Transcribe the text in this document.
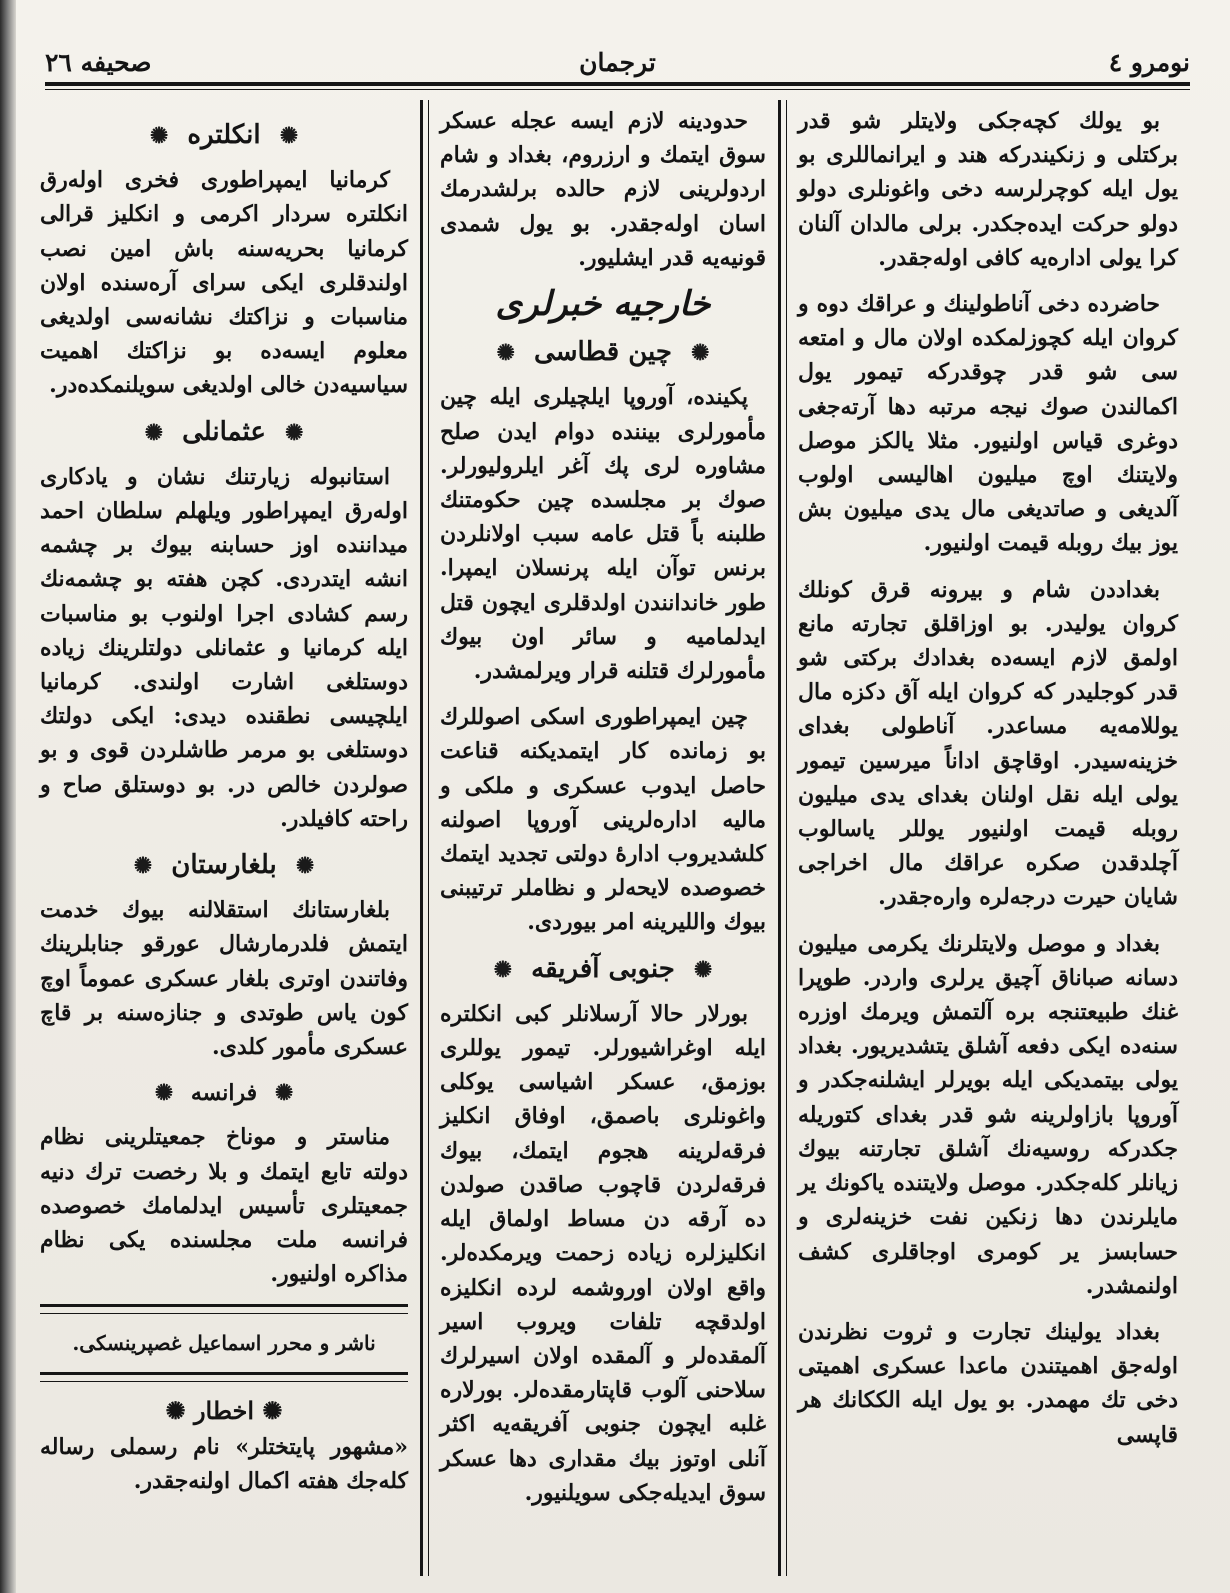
نومرو ٤
ترجمان
صحیفه ٢٦

بو یولك كچه‌جكی ولایتلر شو قدر بركتلی و زنكیندركه هند و ایرانماللری بو یول ایله كوچرلرسه دخی واغونلری دولو دولو حركت ایده‌جكدر. برلی مالدان آلنان كرا یولی اداره‌یه كافی اوله‌جقدر.

حاضرده دخی آناطولینك و عراقك دوه و كروان ایله كچوزلمكده اولان مال و امتعه سی شو قدر چوقدركه تیمور یول اكمالندن صوك نیجه مرتبه دها آرته‌جغی دوغری قیاس اولنیور. مثلا یالكز موصل ولایتنك اوچ میلیون اهالیسی اولوب آلدیغی و صاتدیغی مال یدی میلیون بش یوز بیك روبله قیمت اولنیور.

بغداددن شام و بیرونه قرق كونلك كروان یولیدر. بو اوزاقلق تجارته مانع اولمق لازم ایسه‌ده بغدادك بركتی شو قدر كوجلیدر كه كروان ایله آق دكزه مال یوللامه‌یه مساعدر. آناطولی بغدای خزینه‌سیدر. اوقاچق اداناً میرسین تیمور یولی ایله نقل اولنان بغدای یدی میلیون روبله قیمت اولنیور یوللر یاسالوب آچلدقدن صكره عراقك مال اخراجی شایان حیرت درجه‌لره واره‌جقدر.

بغداد و موصل ولایتلرنك یكرمی میلیون دسانه صباناق آچیق یرلری واردر. طوپرا غنك طبیعتنجه بره آلتمش ویرمك اوزره سنه‌ده ایكی دفعه آشلق یتشدیریور. بغداد یولی بیتمدیكی ایله بویرلر ایشلنه‌جكدر و آوروپا بازاولرینه شو قدر بغدای كتوریله جكدركه روسیه‌نك آشلق تجارتنه بیوك زیانلر كله‌جكدر. موصل ولایتنده یاكونك یر مایلرندن دها زنكین نفت خزینه‌لری و حسابسز یر كومری اوجاقلری كشف اولنمشدر.

بغداد یولینك تجارت و ثروت نظرندن اوله‌جق اهمیتندن ماعدا عسكری اهمیتی دخی تك مهمدر. بو یول ایله الككانك هر قاپسی

حدودینه لازم ایسه عجله عسكر سوق ایتمك و ارزروم، بغداد و شام اردولرینی لازم حالده برلشدرمك اسان اوله‌جقدر. بو یول شمدی قونیه‌یه قدر ایشلیور.

خارجیه خبرلری
✺ چین قطاسی ✺

پكینده، آوروپا ایلچیلری ایله چین مأمورلری بیننده دوام ایدن صلح مشاوره لری پك آغر ایلرولیورلر. صوك بر مجلسده چین حكومتنك طلبنه باً قتل عامه سبب اولانلردن برنس توآن ایله پرنسلان ایمپرا. طور خاندانندن اولدقلری ایچون قتل ایدلمامیه و سائر اون بیوك مأمورلرك قتلنه قرار ویرلمشدر.

چین ایمپراطوری اسكی اصوللرك بو زمانده كار ایتمدیكنه قناعت حاصل ایدوب عسكری و ملكی و مالیه اداره‌لرینی آوروپا اصولنه كلشدیروب ادارهٔ دولتی تجدید ایتمك خصوصده لایحه‌لر و نظاملر ترتیبنی بیوك واللیرینه امر بیوردی.

✺ جنوبی آفریقه ✺

بورلار حالا آرسلانلر كبی انكلتره ایله اوغراشیورلر. تیمور یوللری بوزمق، عسكر اشیاسی یوكلی واغونلری باصمق، اوفاق انكلیز فرقه‌لرینه هجوم ایتمك، بیوك فرقه‌لردن قاچوب صاقدن صولدن ده آرقه دن مساط اولماق ایله انكلیزلره زیاده زحمت ویرمكده‌لر. واقع اولان اوروشمه لرده انكلیزه اولدقچه تلفات ویروب اسیر آلمقده‌لر و آلمقده اولان اسیرلرك سلاحنی آلوب قاپتارمقده‌لر. بورلاره غلبه ایچون جنوبی آفریقه‌یه اكثر آنلی اوتوز بیك مقداری دها عسكر سوق ایدیله‌جكی سویلنیور.

✺ انكلتره ✺

كرمانیا ایمپراطوری فخری اوله‌رق انكلتره سردار اكرمی و انكلیز قرالی كرمانیا بحریه‌سنه باش امین نصب اولندقلری ایكی سرای آره‌سنده اولان مناسبات و نزاكتك نشانه‌سی اولدیغی معلوم ایسه‌ده بو نزاكتك اهمیت سیاسیه‌دن خالی اولدیغی سویلنمكده‌در.

✺ عثمانلی ✺

استانبوله زیارتنك نشان و یادكاری اوله‌رق ایمپراطور ویلهلم سلطان احمد میداننده اوز حسابنه بیوك بر چشمه انشه ایتدردی. كچن هفته بو چشمه‌نك رسم كشادی اجرا اولنوب بو مناسبات ایله كرمانیا و عثمانلی دولتلرینك زیاده دوستلغی اشارت اولندی. كرمانیا ایلچیسی نطقنده دیدی: ایكی دولتك دوستلغی بو مرمر طاشلردن قوی و بو صولردن خالص در. بو دوستلق صاح و راحته كافیلدر.

✺ بلغارستان ✺

بلغارستانك استقلالنه بیوك خدمت ایتمش فلدرمارشال عورقو جنابلرینك وفاتندن اوتری بلغار عسكری عموماً اوچ كون یاس طوتدی و جنازه‌سنه بر قاچ عسكری مأمور كلدی.

✺ فرانسه ✺

مناستر و موناخ جمعیتلرینی نظام دولته تابع ایتمك و بلا رخصت ترك دنیه جمعیتلری تأسیس ایدلمامك خصوصده فرانسه ملت مجلسنده یكی نظام مذاكره اولنیور.

ناشر و محرر اسماعیل غصپرینسكی.
✺ اخطار ✺

«مشهور پایتختلر» نام رسملی رساله كله‌جك هفته اكمال اولنه‌جقدر.
